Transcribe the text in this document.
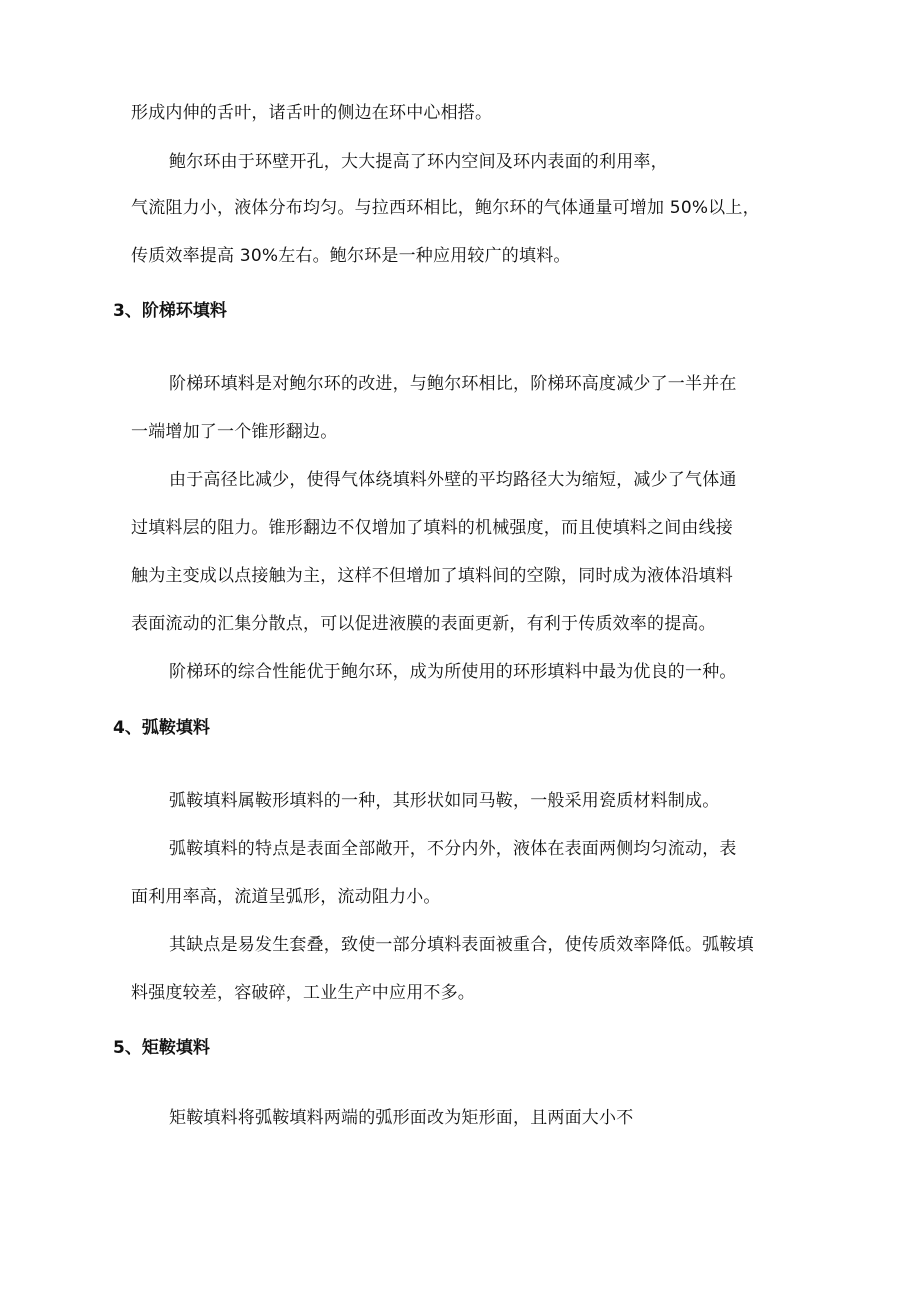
形成内伸的舌叶，诸舌叶的侧边在环中心相搭。
鲍尔环由于环壁开孔，大大提高了环内空间及环内表面的利用率，
气流阻力小，液体分布均匀。与拉西环相比，鲍尔环的气体通量可增加 50%以上，
传质效率提高 30%左右。鲍尔环是一种应用较广的填料。
3、阶梯环填料
阶梯环填料是对鲍尔环的改进，与鲍尔环相比，阶梯环高度减少了一半并在
一端增加了一个锥形翻边。
由于高径比减少，使得气体绕填料外壁的平均路径大为缩短，减少了气体通
过填料层的阻力。锥形翻边不仅增加了填料的机械强度，而且使填料之间由线接
触为主变成以点接触为主，这样不但增加了填料间的空隙，同时成为液体沿填料
表面流动的汇集分散点，可以促进液膜的表面更新，有利于传质效率的提高。
阶梯环的综合性能优于鲍尔环，成为所使用的环形填料中最为优良的一种。
4、弧鞍填料
弧鞍填料属鞍形填料的一种，其形状如同马鞍，一般采用瓷质材料制成。
弧鞍填料的特点是表面全部敞开，不分内外，液体在表面两侧均匀流动，表
面利用率高，流道呈弧形，流动阻力小。
其缺点是易发生套叠，致使一部分填料表面被重合，使传质效率降低。弧鞍填
料强度较差，容破碎，工业生产中应用不多。
5、矩鞍填料
矩鞍填料将弧鞍填料两端的弧形面改为矩形面，且两面大小不
